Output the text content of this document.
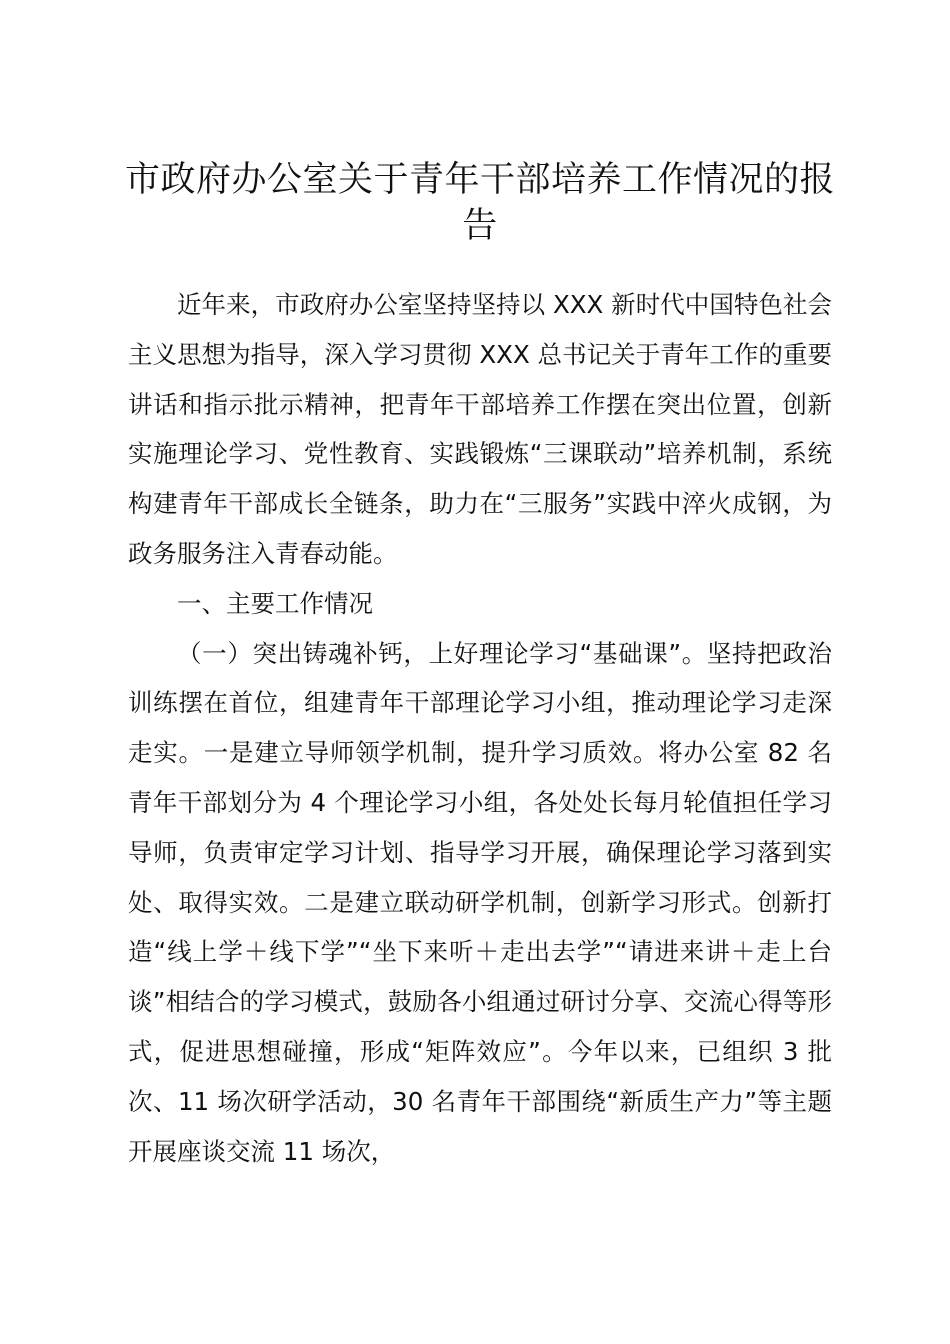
市政府办公室关于青年干部培养工作情况的报告

近年来，市政府办公室坚持坚持以 XXX 新时代中国特色社会主义思想为指导，深入学习贯彻 XXX 总书记关于青年工作的重要讲话和指示批示精神，把青年干部培养工作摆在突出位置，创新实施理论学习、党性教育、实践锻炼“三课联动”培养机制，系统构建青年干部成长全链条，助力在“三服务”实践中淬火成钢，为政务服务注入青春动能。

一、主要工作情况

（一）突出铸魂补钙，上好理论学习“基础课”。坚持把政治训练摆在首位，组建青年干部理论学习小组，推动理论学习走深走实。一是建立导师领学机制，提升学习质效。将办公室 82 名青年干部划分为 4 个理论学习小组，各处处长每月轮值担任学习导师，负责审定学习计划、指导学习开展，确保理论学习落到实处、取得实效。二是建立联动研学机制，创新学习形式。创新打造“线上学＋线下学”“坐下来听＋走出去学”“请进来讲＋走上台谈”相结合的学习模式，鼓励各小组通过研讨分享、交流心得等形式，促进思想碰撞，形成“矩阵效应”。今年以来，已组织 3 批次、11 场次研学活动，30 名青年干部围绕“新质生产力”等主题开展座谈交流 11 场次，
